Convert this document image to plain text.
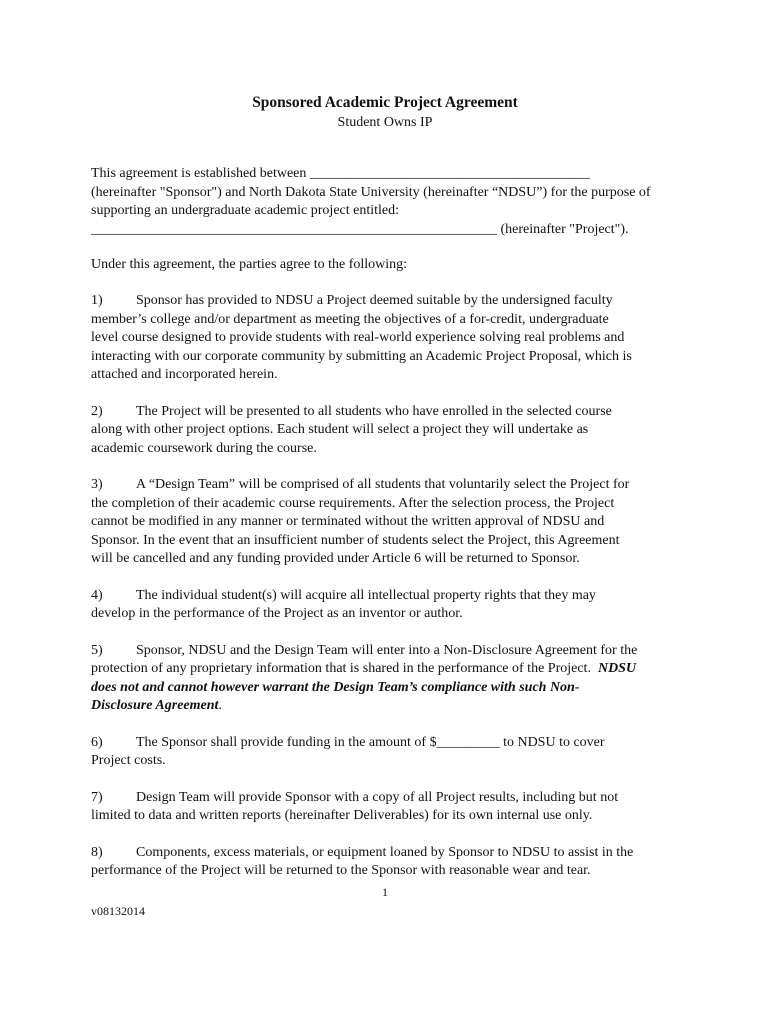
Sponsored Academic Project Agreement
Student Owns IP
This agreement is established between ________________________________________
(hereinafter "Sponsor") and North Dakota State University (hereinafter “NDSU”) for the purpose of
supporting an undergraduate academic project entitled:
__________________________________________________________ (hereinafter "Project").
Under this agreement, the parties agree to the following:
1) Sponsor has provided to NDSU a Project deemed suitable by the undersigned faculty
member’s college and/or department as meeting the objectives of a for-credit, undergraduate
level course designed to provide students with real-world experience solving real problems and
interacting with our corporate community by submitting an Academic Project Proposal, which is
attached and incorporated herein.
2) The Project will be presented to all students who have enrolled in the selected course
along with other project options. Each student will select a project they will undertake as
academic coursework during the course.
3) A “Design Team” will be comprised of all students that voluntarily select the Project for
the completion of their academic course requirements. After the selection process, the Project
cannot be modified in any manner or terminated without the written approval of NDSU and
Sponsor. In the event that an insufficient number of students select the Project, this Agreement
will be cancelled and any funding provided under Article 6 will be returned to Sponsor.
4) The individual student(s) will acquire all intellectual property rights that they may
develop in the performance of the Project as an inventor or author.
5) Sponsor, NDSU and the Design Team will enter into a Non-Disclosure Agreement for the
protection of any proprietary information that is shared in the performance of the Project. NDSU
does not and cannot however warrant the Design Team’s compliance with such Non-
Disclosure Agreement.
6) The Sponsor shall provide funding in the amount of $_________ to NDSU to cover
Project costs.
7) Design Team will provide Sponsor with a copy of all Project results, including but not
limited to data and written reports (hereinafter Deliverables) for its own internal use only.
8) Components, excess materials, or equipment loaned by Sponsor to NDSU to assist in the
performance of the Project will be returned to the Sponsor with reasonable wear and tear.
1
v08132014
